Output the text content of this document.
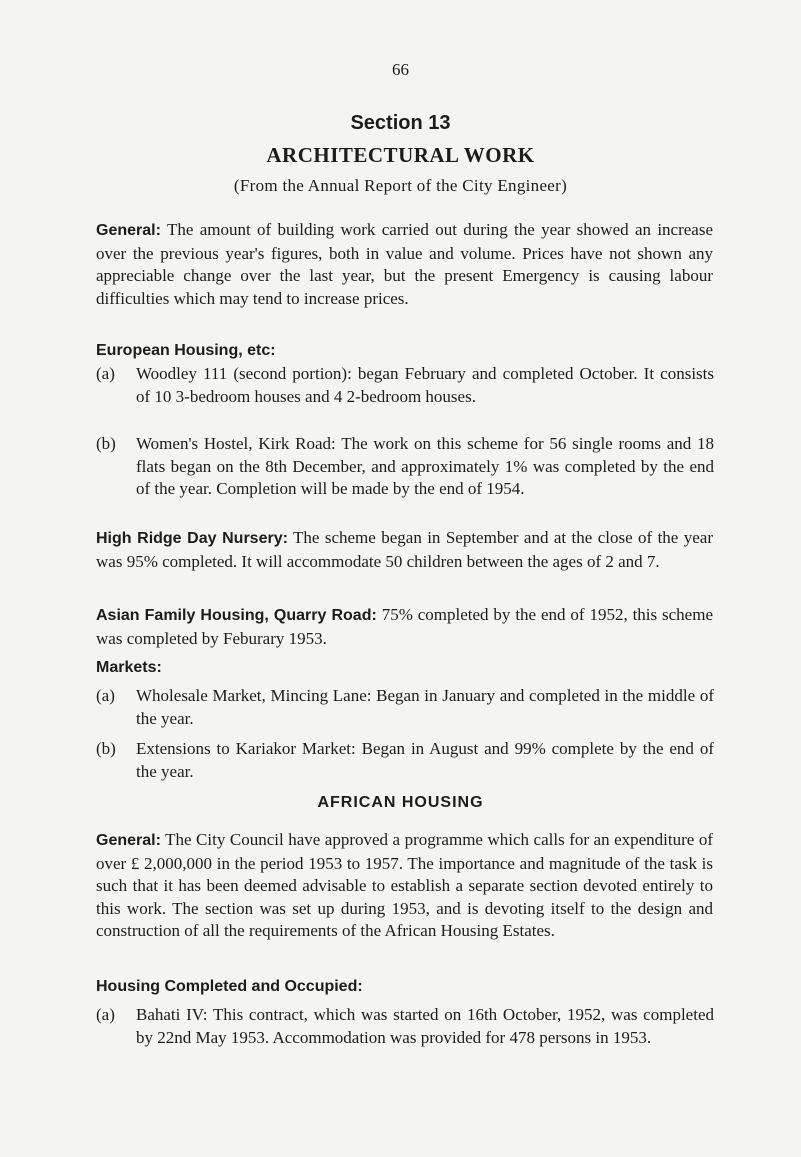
66
Section 13
ARCHITECTURAL WORK
(From the Annual Report of the City Engineer)
General: The amount of building work carried out during the year showed an increase over the previous year's figures, both in value and volume. Prices have not shown any appreciable change over the last year, but the present Emergency is causing labour difficulties which may tend to increase prices.
European Housing, etc:
(a)	Woodley 111 (second portion): began February and completed October. It consists of 10 3-bedroom houses and 4 2-bedroom houses.
(b)	Women's Hostel, Kirk Road: The work on this scheme for 56 single rooms and 18 flats began on the 8th December, and approximately 1% was completed by the end of the year. Completion will be made by the end of 1954.
High Ridge Day Nursery: The scheme began in September and at the close of the year was 95% completed. It will accommodate 50 children between the ages of 2 and 7.
Asian Family Housing, Quarry Road: 75% completed by the end of 1952, this scheme was completed by Feburary 1953.
Markets:
(a)	Wholesale Market, Mincing Lane: Began in January and completed in the middle of the year.
(b)	Extensions to Kariakor Market: Began in August and 99% complete by the end of the year.
AFRICAN HOUSING
General: The City Council have approved a programme which calls for an expenditure of over £ 2,000,000 in the period 1953 to 1957. The importance and magnitude of the task is such that it has been deemed advisable to establish a separate section devoted entirely to this work. The section was set up during 1953, and is devoting itself to the design and construction of all the requirements of the African Housing Estates.
Housing Completed and Occupied:
(a)	Bahati IV: This contract, which was started on 16th October, 1952, was completed by 22nd May 1953. Accommodation was provided for 478 persons in 1953.
